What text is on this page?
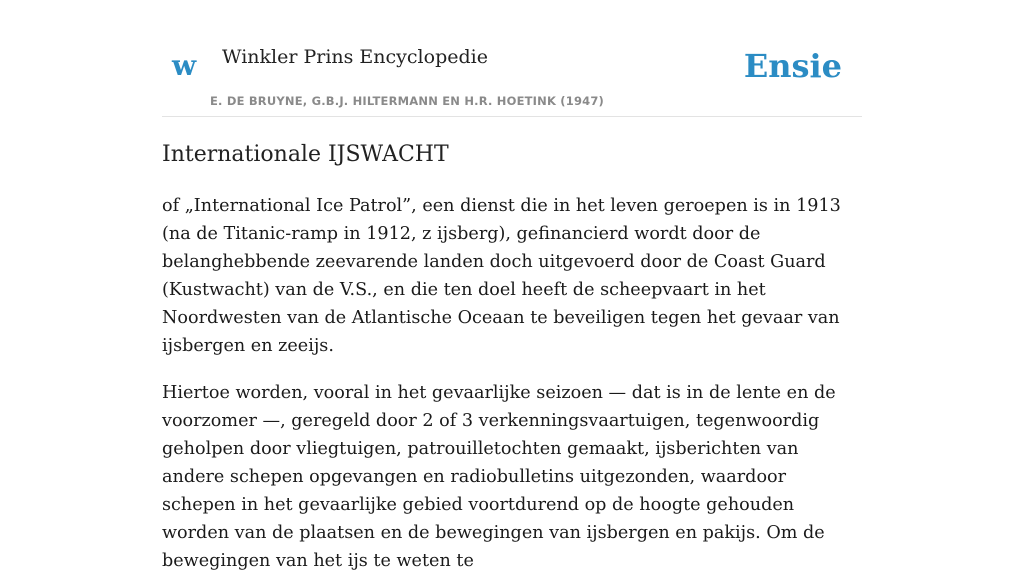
w Winkler Prins Encyclopedie
E. DE BRUYNE, G.B.J. HILTERMANN EN H.R. HOETINK (1947)
Ensie
Internationale IJSWACHT

of „International Ice Patrol”, een dienst die in het leven geroepen is in 1913 (na de Titanic-ramp in 1912, z ijsberg), gefinancierd wordt door de belanghebbende zeevarende landen doch uitgevoerd door de Coast Guard (Kustwacht) van de V.S., en die ten doel heeft de scheepvaart in het Noordwesten van de Atlantische Oceaan te beveiligen tegen het gevaar van ijsbergen en zeeijs.

Hiertoe worden, vooral in het gevaarlijke seizoen — dat is in de lente en de voorzomer —, geregeld door 2 of 3 verkenningsvaartuigen, tegenwoordig geholpen door vliegtuigen, patrouilletochten gemaakt, ijsberichten van andere schepen opgevangen en radiobulletins uitgezonden, waardoor schepen in het gevaarlijke gebied voortdurend op de hoogte gehouden worden van de plaatsen en de bewegingen van ijsbergen en pakijs. Om de bewegingen van het ijs te weten te
